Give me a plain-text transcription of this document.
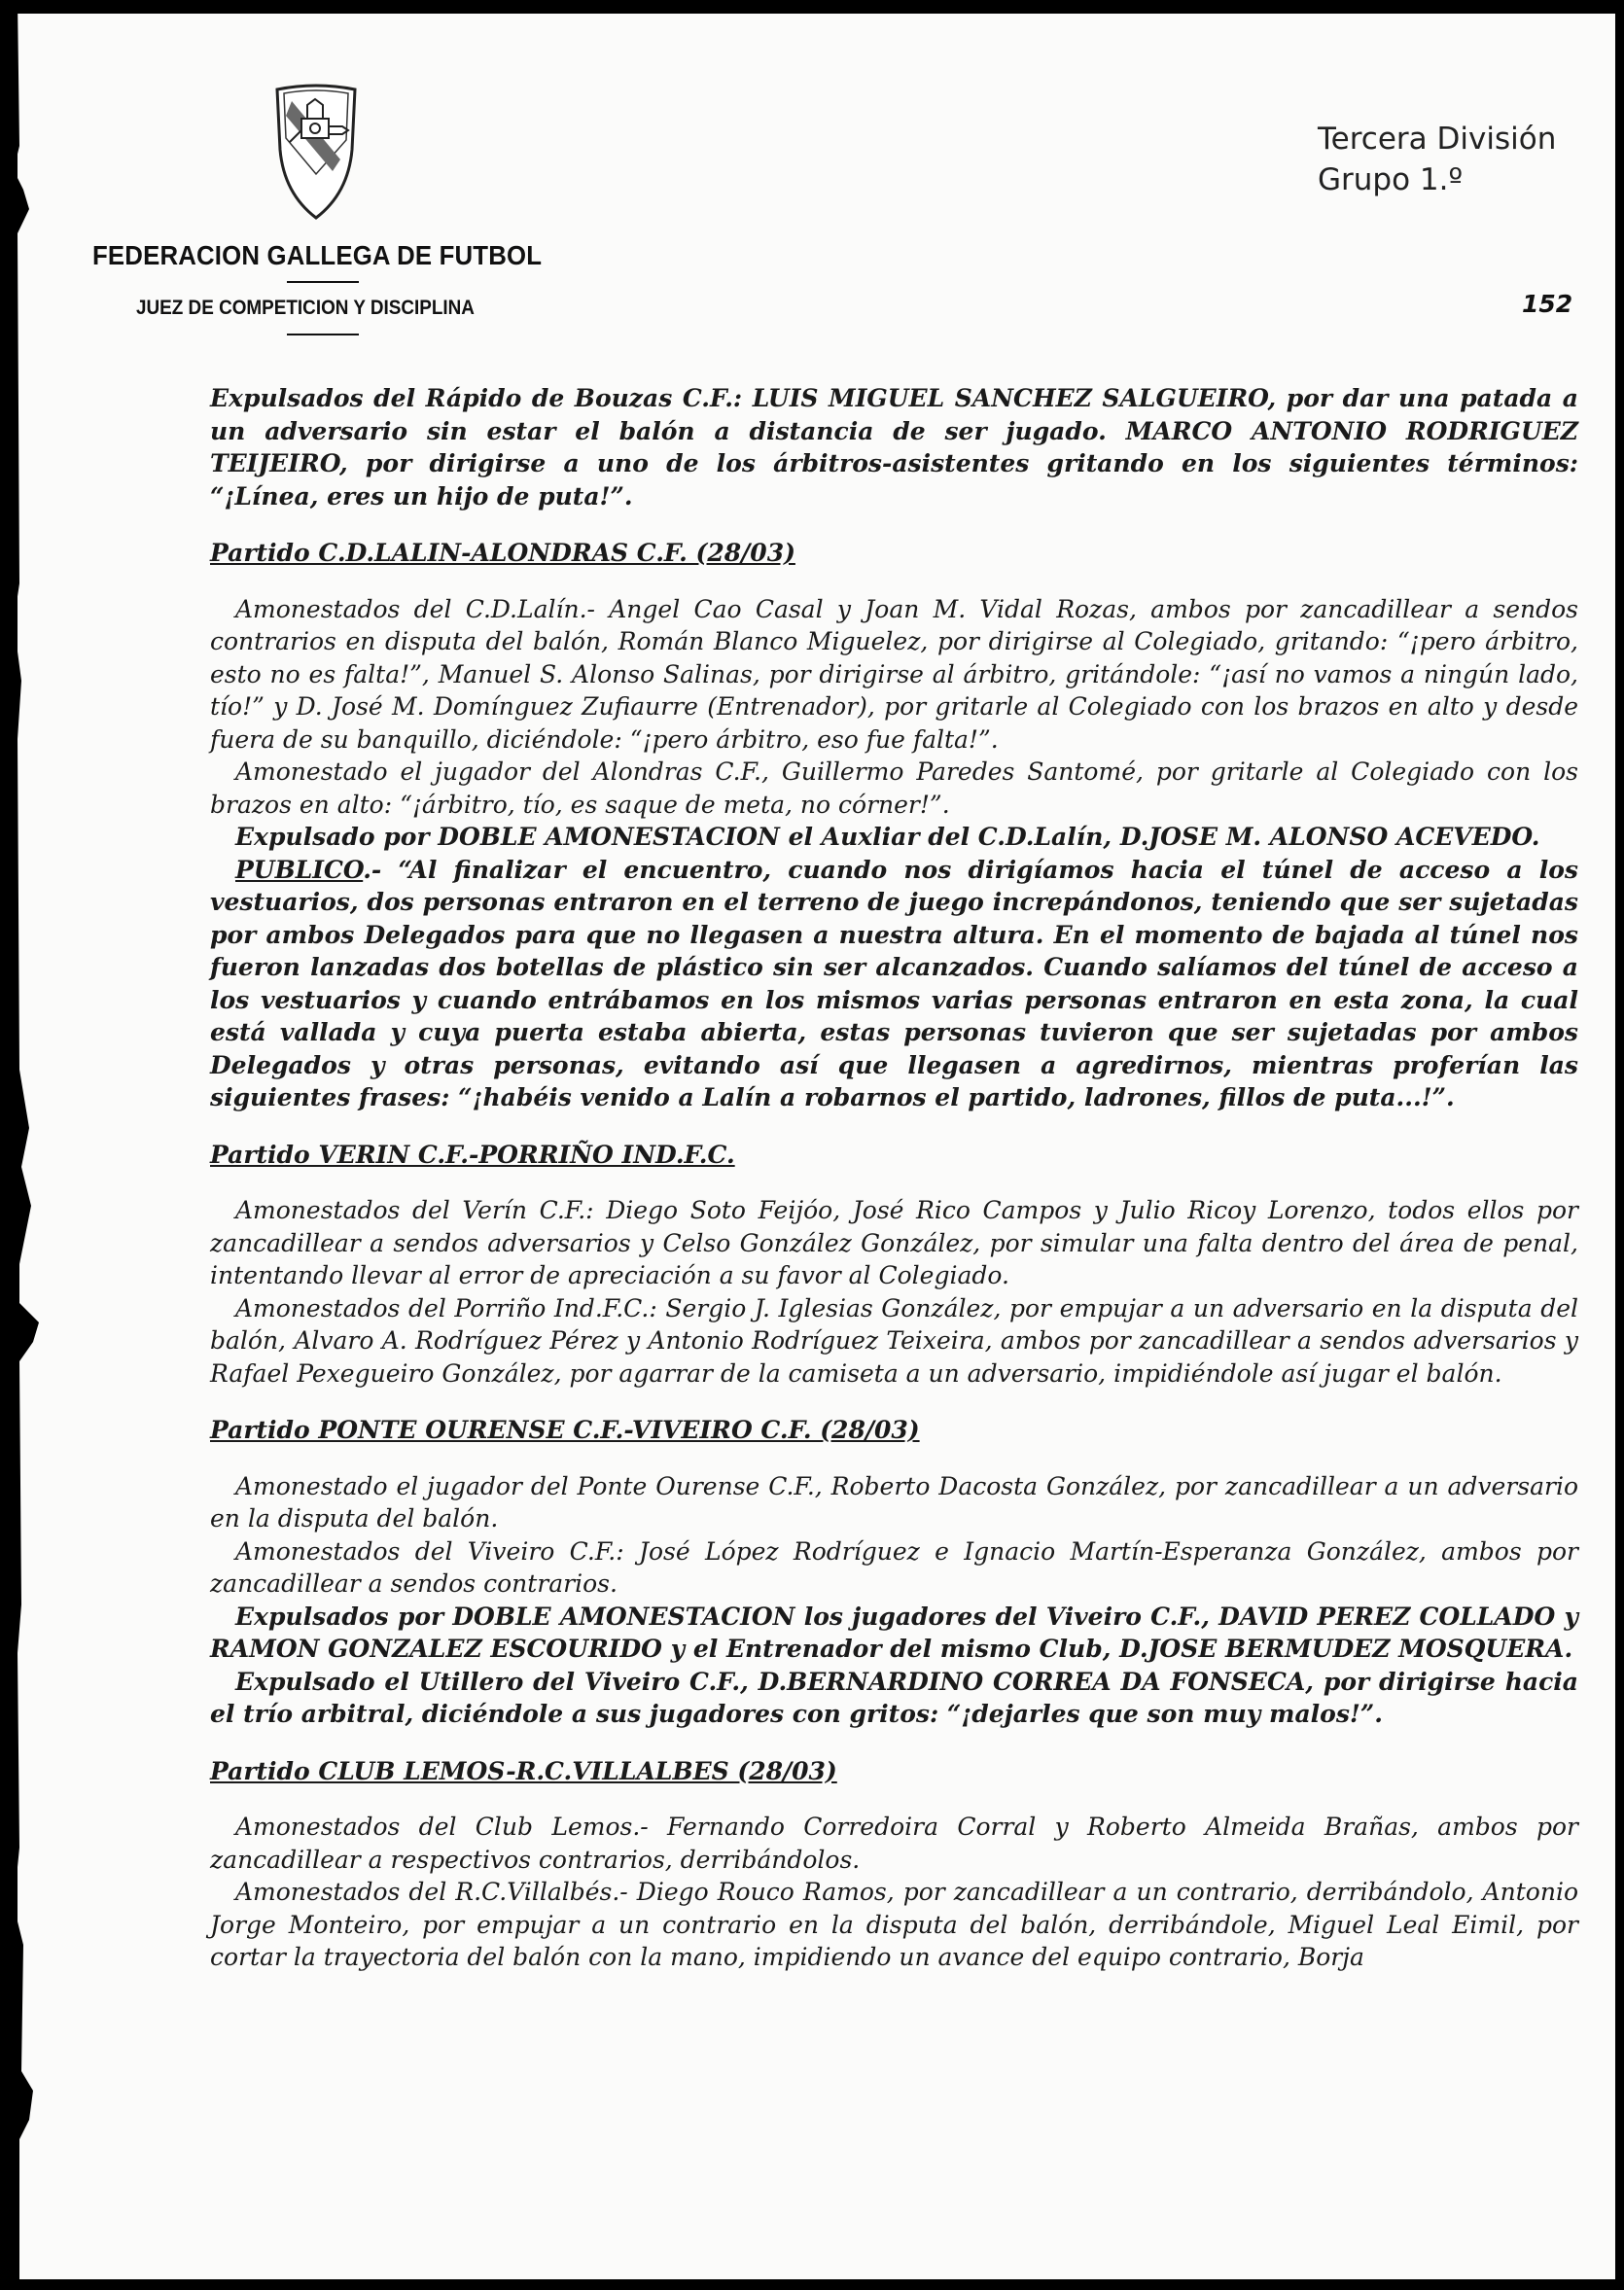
FEDERACION GALLEGA DE FUTBOL
JUEZ DE COMPETICION Y DISCIPLINA
Tercera División
Grupo 1.º
152

Expulsados del Rápido de Bouzas C.F.: LUIS MIGUEL SANCHEZ SALGUEIRO, por dar una patada a un adversario sin estar el balón a distancia de ser jugado. MARCO ANTONIO RODRIGUEZ TEIJEIRO, por dirigirse a uno de los árbitros-asistentes gritando en los siguientes términos: “¡Línea, eres un hijo de puta!”.

Partido C.D.LALIN-ALONDRAS C.F. (28/03)

Amonestados del C.D.Lalín.- Angel Cao Casal y Joan M. Vidal Rozas, ambos por zancadillear a sendos contrarios en disputa del balón, Román Blanco Miguelez, por dirigirse al Colegiado, gritando: “¡pero árbitro, esto no es falta!”, Manuel S. Alonso Salinas, por dirigirse al árbitro, gritándole: “¡así no vamos a ningún lado, tío!” y D. José M. Domínguez Zufiaurre (Entrenador), por gritarle al Colegiado con los brazos en alto y desde fuera de su banquillo, diciéndole: “¡pero árbitro, eso fue falta!”.

Amonestado el jugador del Alondras C.F., Guillermo Paredes Santomé, por gritarle al Colegiado con los brazos en alto: “¡árbitro, tío, es saque de meta, no córner!”.

Expulsado por DOBLE AMONESTACION el Auxliar del C.D.Lalín, D.JOSE M. ALONSO ACEVEDO.

PUBLICO.- “Al finalizar el encuentro, cuando nos dirigíamos hacia el túnel de acceso a los vestuarios, dos personas entraron en el terreno de juego increpándonos, teniendo que ser sujetadas por ambos Delegados para que no llegasen a nuestra altura. En el momento de bajada al túnel nos fueron lanzadas dos botellas de plástico sin ser alcanzados. Cuando salíamos del túnel de acceso a los vestuarios y cuando entrábamos en los mismos varias personas entraron en esta zona, la cual está vallada y cuya puerta estaba abierta, estas personas tuvieron que ser sujetadas por ambos Delegados y otras personas, evitando así que llegasen a agredirnos, mientras proferían las siguientes frases: “¡habéis venido a Lalín a robarnos el partido, ladrones, fillos de puta...!”.

Partido VERIN C.F.-PORRIÑO IND.F.C.

Amonestados del Verín C.F.: Diego Soto Feijóo, José Rico Campos y Julio Ricoy Lorenzo, todos ellos por zancadillear a sendos adversarios y Celso González González, por simular una falta dentro del área de penal, intentando llevar al error de apreciación a su favor al Colegiado.

Amonestados del Porriño Ind.F.C.: Sergio J. Iglesias González, por empujar a un adversario en la disputa del balón, Alvaro A. Rodríguez Pérez y Antonio Rodríguez Teixeira, ambos por zancadillear a sendos adversarios y Rafael Pexegueiro González, por agarrar de la camiseta a un adversario, impidiéndole así jugar el balón.

Partido PONTE OURENSE C.F.-VIVEIRO C.F. (28/03)

Amonestado el jugador del Ponte Ourense C.F., Roberto Dacosta González, por zancadillear a un adversario en la disputa del balón.

Amonestados del Viveiro C.F.: José López Rodríguez e Ignacio Martín-Esperanza González, ambos por zancadillear a sendos contrarios.

Expulsados por DOBLE AMONESTACION los jugadores del Viveiro C.F., DAVID PEREZ COLLADO y RAMON GONZALEZ ESCOURIDO y el Entrenador del mismo Club, D.JOSE BERMUDEZ MOSQUERA.

Expulsado el Utillero del Viveiro C.F., D.BERNARDINO CORREA DA FONSECA, por dirigirse hacia el trío arbitral, diciéndole a sus jugadores con gritos: “¡dejarles que son muy malos!”.

Partido CLUB LEMOS-R.C.VILLALBES (28/03)

Amonestados del Club Lemos.- Fernando Corredoira Corral y Roberto Almeida Brañas, ambos por zancadillear a respectivos contrarios, derribándolos.

Amonestados del R.C.Villalbés.- Diego Rouco Ramos, por zancadillear a un contrario, derribándolo, Antonio Jorge Monteiro, por empujar a un contrario en la disputa del balón, derribándole, Miguel Leal Eimil, por cortar la trayectoria del balón con la mano, impidiendo un avance del equipo contrario, Borja
